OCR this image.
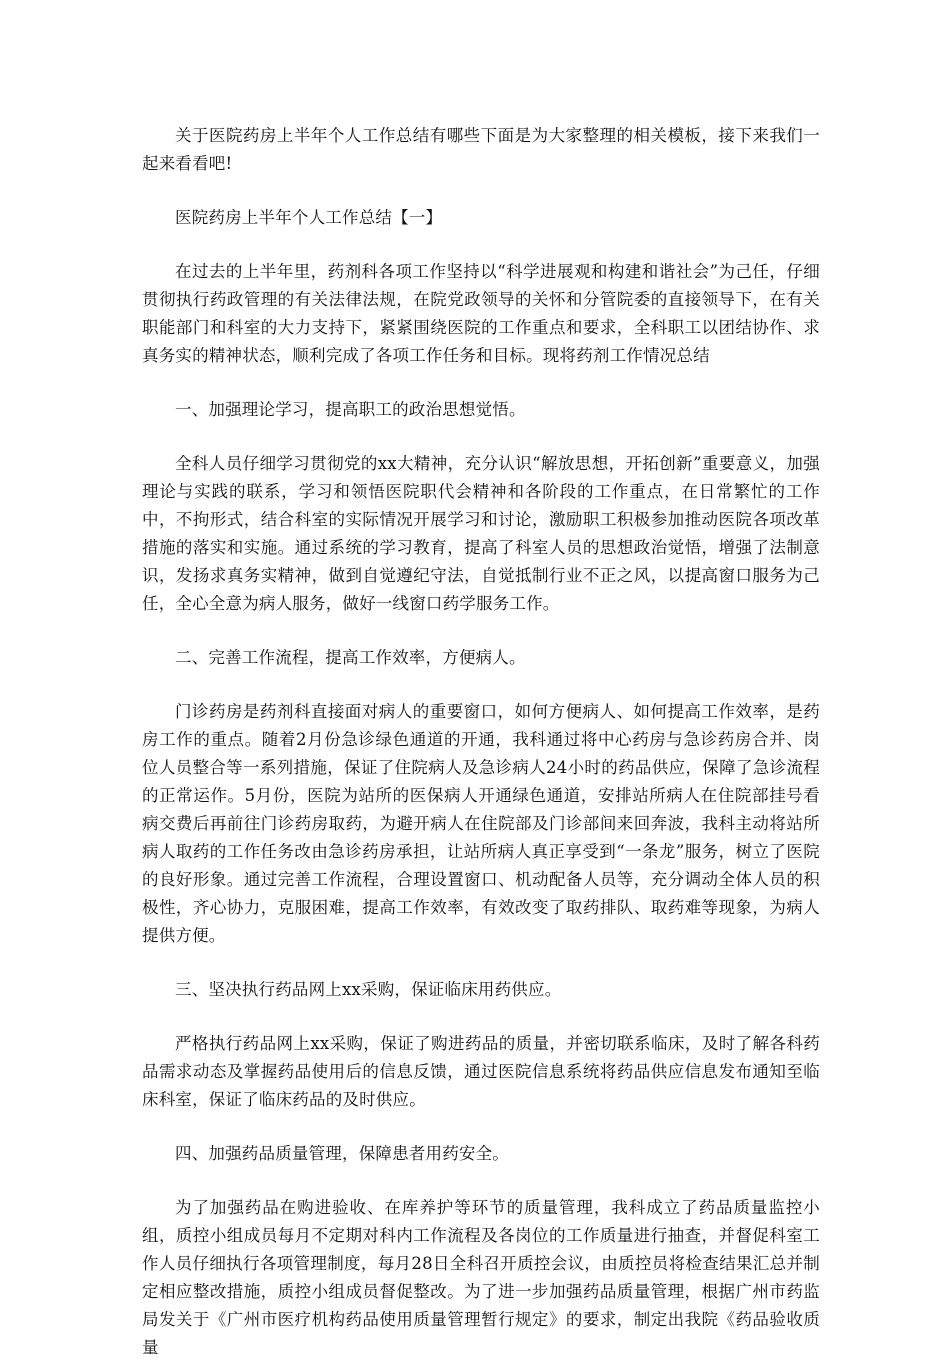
关于医院药房上半年个人工作总结有哪些下面是为大家整理的相关模板，接下来我们一起来看看吧!

医院药房上半年个人工作总结【一】

在过去的上半年里，药剂科各项工作坚持以“科学进展观和构建和谐社会”为己任，仔细贯彻执行药政管理的有关法律法规，在院党政领导的关怀和分管院委的直接领导下，在有关职能部门和科室的大力支持下，紧紧围绕医院的工作重点和要求，全科职工以团结协作、求真务实的精神状态，顺利完成了各项工作任务和目标。现将药剂工作情况总结

一、加强理论学习，提高职工的政治思想觉悟。

全科人员仔细学习贯彻党的xx大精神，充分认识“解放思想，开拓创新”重要意义，加强理论与实践的联系，学习和领悟医院职代会精神和各阶段的工作重点，在日常繁忙的工作中，不拘形式，结合科室的实际情况开展学习和讨论，激励职工积极参加推动医院各项改革措施的落实和实施。通过系统的学习教育，提高了科室人员的思想政治觉悟，增强了法制意识，发扬求真务实精神，做到自觉遵纪守法，自觉抵制行业不正之风，以提高窗口服务为己任，全心全意为病人服务，做好一线窗口药学服务工作。

二、完善工作流程，提高工作效率，方便病人。

门诊药房是药剂科直接面对病人的重要窗口，如何方便病人、如何提高工作效率，是药房工作的重点。随着2月份急诊绿色通道的开通，我科通过将中心药房与急诊药房合并、岗位人员整合等一系列措施，保证了住院病人及急诊病人24小时的药品供应，保障了急诊流程的正常运作。5月份，医院为站所的医保病人开通绿色通道，安排站所病人在住院部挂号看病交费后再前往门诊药房取药，为避开病人在住院部及门诊部间来回奔波，我科主动将站所病人取药的工作任务改由急诊药房承担，让站所病人真正享受到“一条龙”服务，树立了医院的良好形象。通过完善工作流程，合理设置窗口、机动配备人员等，充分调动全体人员的积极性，齐心协力，克服困难，提高工作效率，有效改变了取药排队、取药难等现象，为病人提供方便。

三、坚决执行药品网上xx采购，保证临床用药供应。

严格执行药品网上xx采购，保证了购进药品的质量，并密切联系临床，及时了解各科药品需求动态及掌握药品使用后的信息反馈，通过医院信息系统将药品供应信息发布通知至临床科室，保证了临床药品的及时供应。

四、加强药品质量管理，保障患者用药安全。

为了加强药品在购进验收、在库养护等环节的质量管理，我科成立了药品质量监控小组，质控小组成员每月不定期对科内工作流程及各岗位的工作质量进行抽查，并督促科室工作人员仔细执行各项管理制度，每月28日全科召开质控会议，由质控员将检查结果汇总并制定相应整改措施，质控小组成员督促整改。为了进一步加强药品质量管理，根据广州市药监局发关于《广州市医疗机构药品使用质量管理暂行规定》的要求，制定出我院《药品验收质量
